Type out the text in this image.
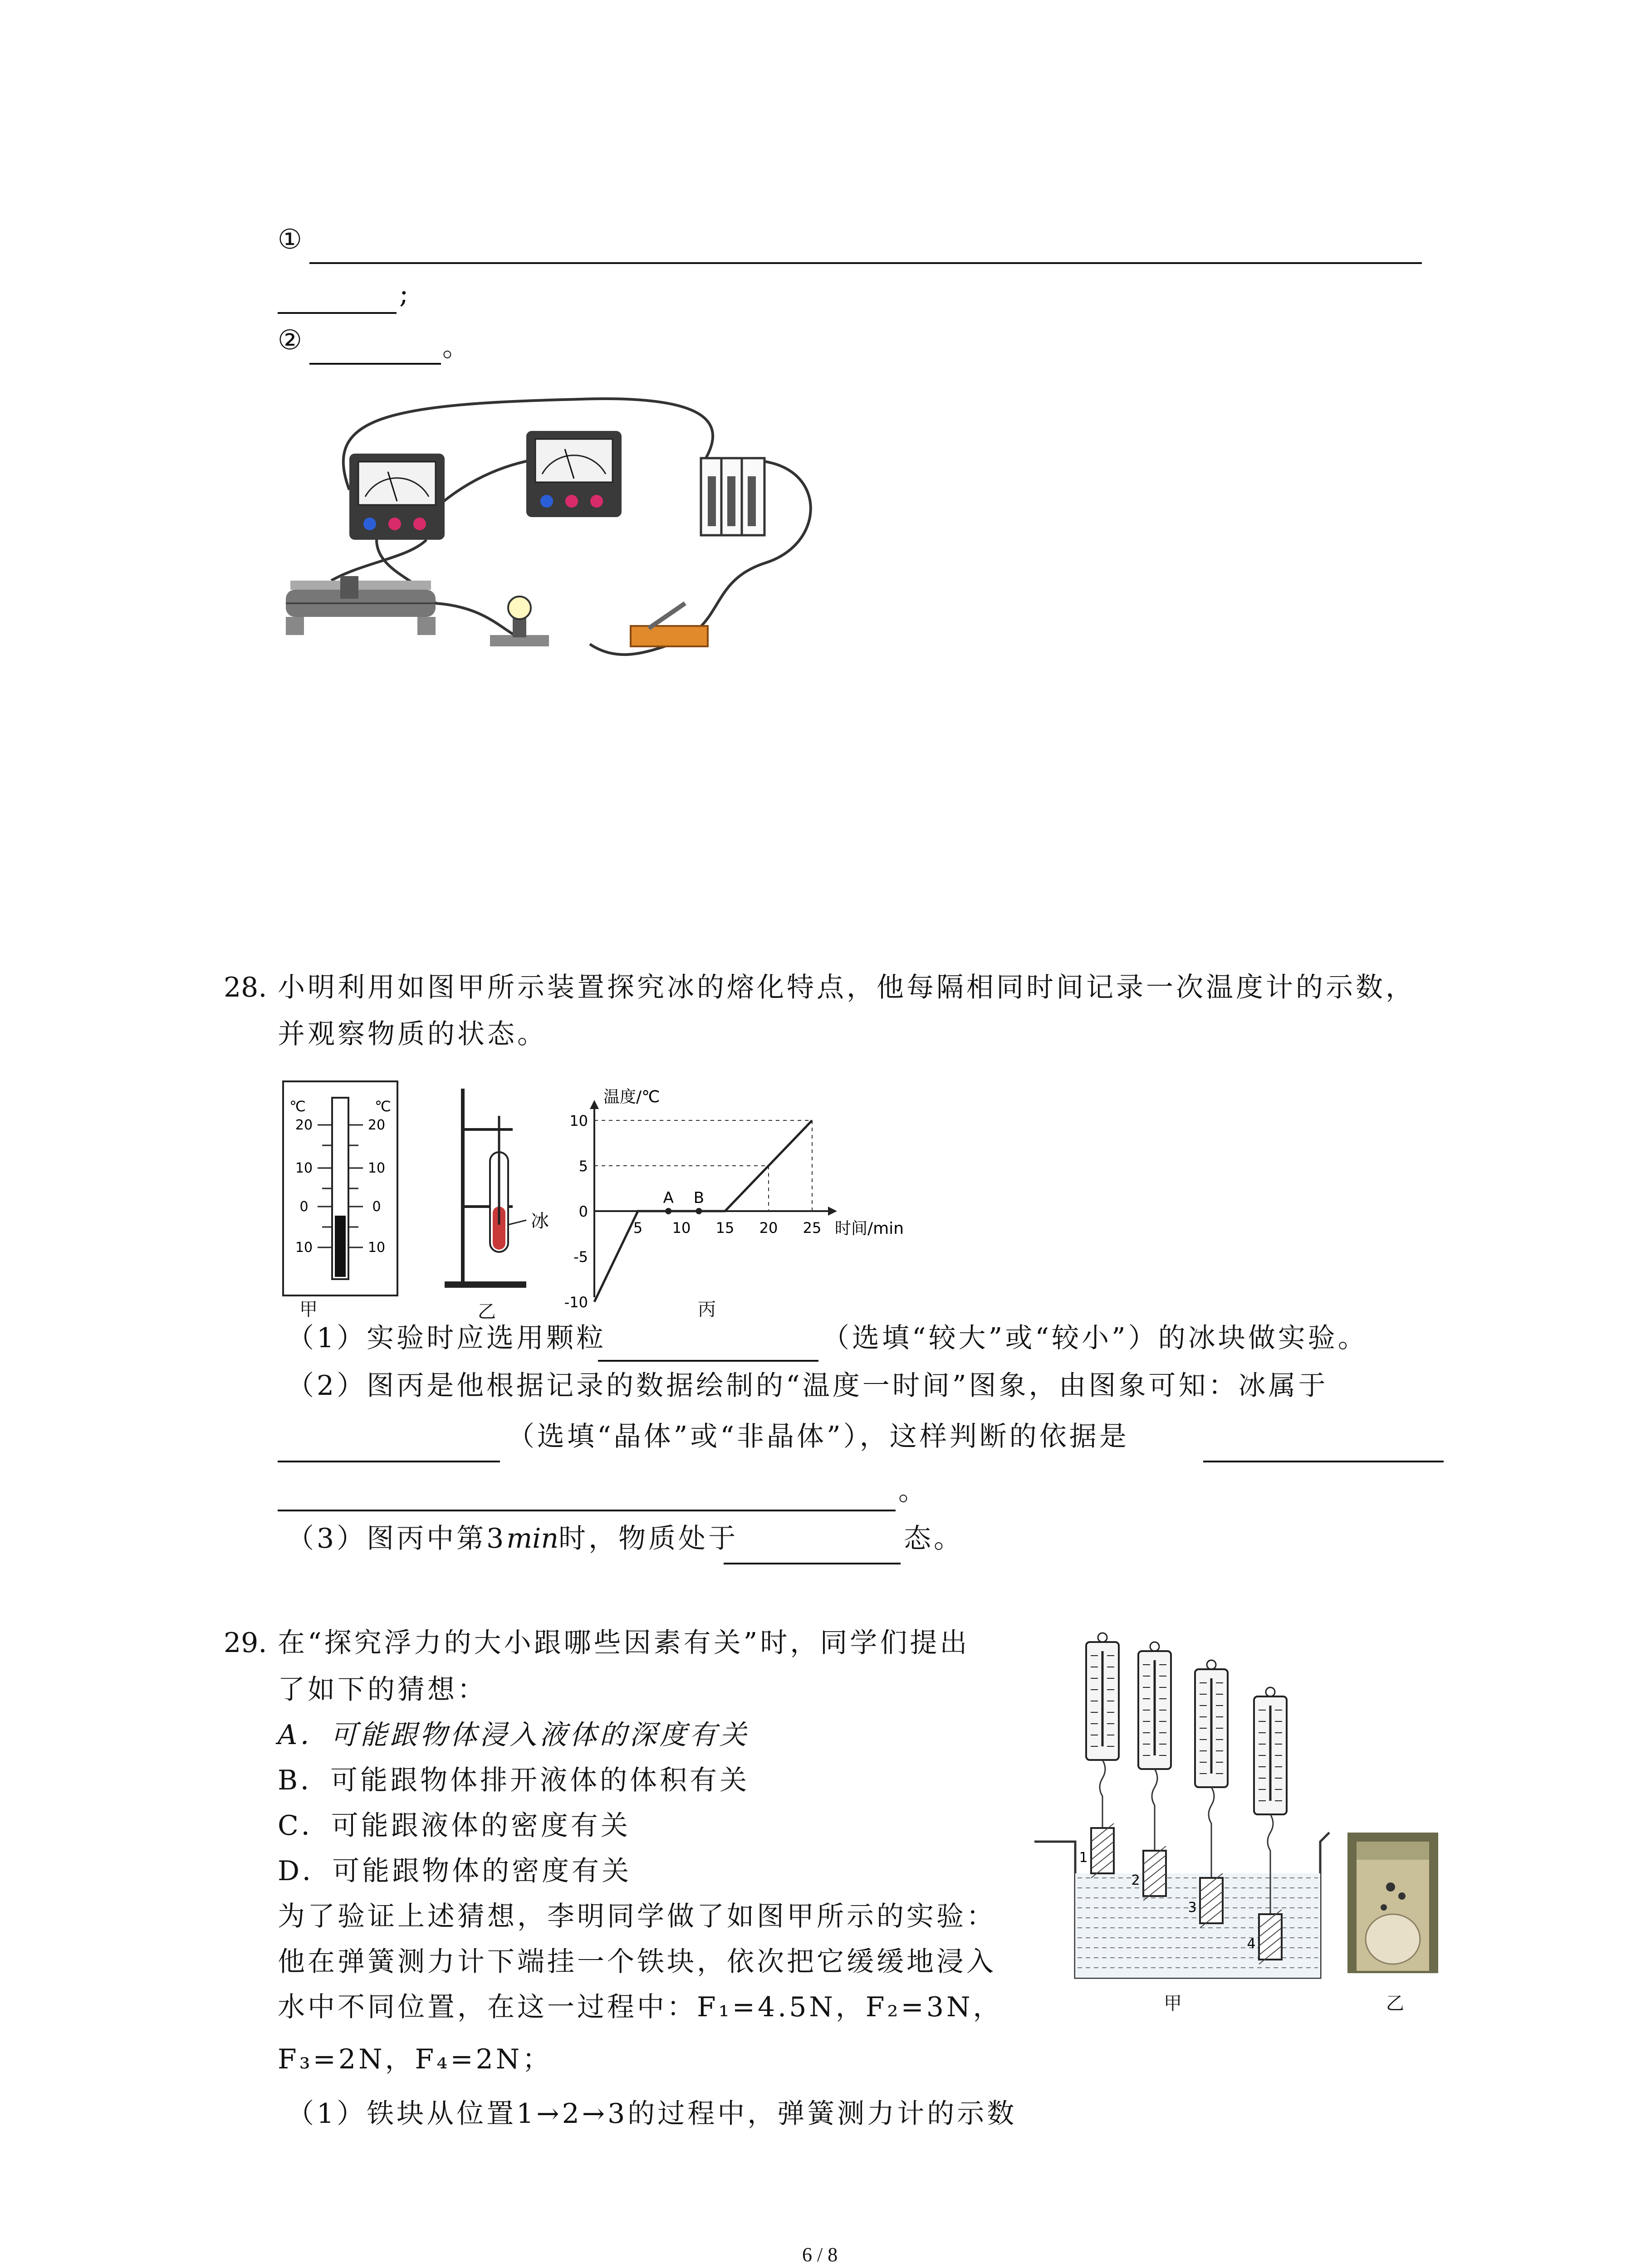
①
;
②	。
28. 小明利用如图甲所示装置探究冰的熔化特点，他每隔相同时间记录一次温度计的示数，
并观察物质的状态。
℃	℃
20	20
10	10
0	0
10	10
冰
温度/℃
时间/min
10
5
0
-5
-10
5 10 15 20 25
A B
甲	乙	丙
（1）实验时应选用颗粒	（选填“较大”或“较小”）的冰块做实验。
（2）图丙是他根据记录的数据绘制的“温度一时间”图象，由图象可知：冰属于
（选填“晶体”或“非晶体”），这样判断的依据是
。
（3）图丙中第3min时，物质处于	态。
29. 在“探究浮力的大小跟哪些因素有关”时，同学们提出
了如下的猜想：
A．可能跟物体浸入液体的深度有关
B．可能跟物体排开液体的体积有关
C．可能跟液体的密度有关
D．可能跟物体的密度有关
为了验证上述猜想，李明同学做了如图甲所示的实验：
他在弹簧测力计下端挂一个铁块，依次把它缓缓地浸入
水中不同位置，在这一过程中：F₁=4.5N，F₂=3N，
F₃=2N，F₄=2N；
（1）铁块从位置1→2→3的过程中，弹簧测力计的示数
1
2
3
4
甲	乙
6 / 8
